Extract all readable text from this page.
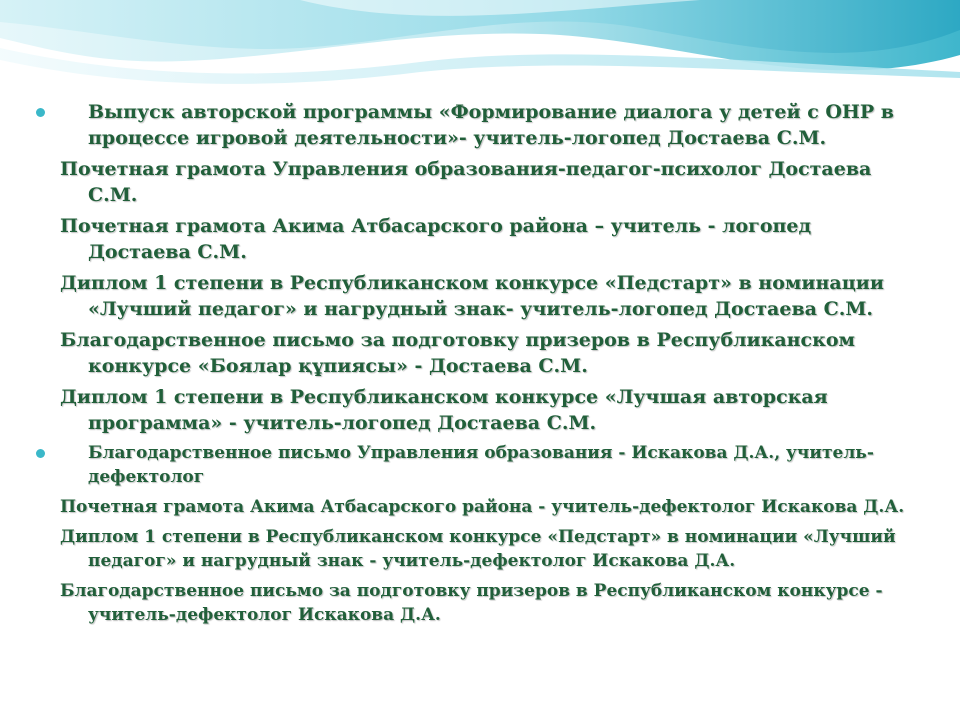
Выпуск авторской программы «Формирование диалога у детей с ОНР в процессе игровой деятельности»- учитель-логопед Достаева С.М.
Почетная грамота Управления образования-педагог-психолог Достаева С.М.
Почетная грамота Акима Атбасарского района – учитель - логопед Достаева С.М.
Диплом 1 степени в Республиканском конкурсе «Педстарт» в номинации «Лучший педагог» и нагрудный знак- учитель-логопед Достаева С.М.
Благодарственное письмо за подготовку призеров в Республиканском конкурсе «Боялар құпиясы» - Достаева С.М.
Диплом 1 степени в Республиканском конкурсе «Лучшая авторская программа» - учитель-логопед Достаева С.М.
Благодарственное письмо Управления образования - Искакова Д.А., учитель-дефектолог
Почетная грамота Акима Атбасарского района - учитель-дефектолог Искакова Д.А.
Диплом 1 степени в Республиканском конкурсе «Педстарт» в номинации «Лучший педагог» и нагрудный знак - учитель-дефектолог Искакова Д.А.
Благодарственное письмо за подготовку призеров в Республиканском конкурсе - учитель-дефектолог Искакова Д.А.
